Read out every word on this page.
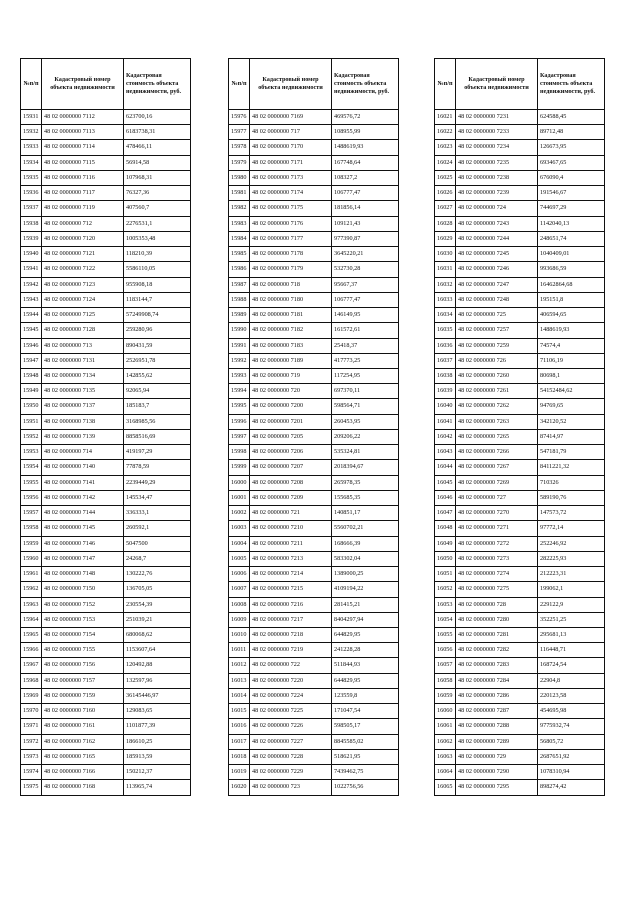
№п/п	Кадастровый номер объекта недвижимости	Кадастровая стоимость объекта недвижимости, руб.
15931	48 02 0000000 7112	623700,16
15932	48 02 0000000 7113	6183738,31
15933	48 02 0000000 7114	478466,11
15934	48 02 0000000 7115	56914,58
15935	48 02 0000000 7116	107968,31
15936	48 02 0000000 7117	76327,36
15937	48 02 0000000 7119	407560,7
15938	48 02 0000000 712	2276531,1
15939	48 02 0000000 7120	1005353,48
15940	48 02 0000000 7121	118210,39
15941	48 02 0000000 7122	5586110,05
15942	48 02 0000000 7123	955908,18
15943	48 02 0000000 7124	1183144,7
15944	48 02 0000000 7125	57249908,74
15945	48 02 0000000 7128	259280,96
15946	48 02 0000000 713	890431,59
15947	48 02 0000000 7131	2526951,78
15948	48 02 0000000 7134	142855,62
15949	48 02 0000000 7135	92065,94
15950	48 02 0000000 7137	185183,7
15951	48 02 0000000 7138	3168985,56
15952	48 02 0000000 7139	8858516,69
15953	48 02 0000000 714	419197,29
15954	48 02 0000000 7140	77878,59
15955	48 02 0000000 7141	2239449,29
15956	48 02 0000000 7142	145534,47
15957	48 02 0000000 7144	336333,1
15958	48 02 0000000 7145	260592,1
15959	48 02 0000000 7146	5047500
15960	48 02 0000000 7147	24268,7
15961	48 02 0000000 7148	130222,76
15962	48 02 0000000 7150	136705,05
15963	48 02 0000000 7152	230554,39
15964	48 02 0000000 7153	251039,21
15965	48 02 0000000 7154	680068,62
15966	48 02 0000000 7155	1153607,64
15967	48 02 0000000 7156	120492,88
15968	48 02 0000000 7157	132597,96
15969	48 02 0000000 7159	36145446,97
15970	48 02 0000000 7160	129083,65
15971	48 02 0000000 7161	1101877,39
15972	48 02 0000000 7162	186610,25
15973	48 02 0000000 7165	185913,59
15974	48 02 0000000 7166	150212,37
15975	48 02 0000000 7168	113965,74
№п/п	Кадастровый номер объекта недвижимости	Кадастровая стоимость объекта недвижимости, руб.
15976	48 02 0000000 7169	469576,72
15977	48 02 0000000 717	108955,99
15978	48 02 0000000 7170	1488619,93
15979	48 02 0000000 7171	167748,64
15980	48 02 0000000 7173	108327,2
15981	48 02 0000000 7174	106777,47
15982	48 02 0000000 7175	181856,14
15983	48 02 0000000 7176	109121,43
15984	48 02 0000000 7177	977390,87
15985	48 02 0000000 7178	3645220,21
15986	48 02 0000000 7179	532730,28
15987	48 02 0000000 718	95667,37
15988	48 02 0000000 7180	106777,47
15989	48 02 0000000 7181	146149,95
15990	48 02 0000000 7182	161572,61
15991	48 02 0000000 7183	25418,37
15992	48 02 0000000 7189	417773,25
15993	48 02 0000000 719	117254,95
15994	48 02 0000000 720	697370,11
15995	48 02 0000000 7200	598564,71
15996	48 02 0000000 7201	260453,95
15997	48 02 0000000 7205	209206,22
15998	48 02 0000000 7206	535324,81
15999	48 02 0000000 7207	2018394,67
16000	48 02 0000000 7208	265978,35
16001	48 02 0000000 7209	155685,35
16002	48 02 0000000 721	140851,17
16003	48 02 0000000 7210	5560702,21
16004	48 02 0000000 7211	168666,39
16005	48 02 0000000 7213	583302,04
16006	48 02 0000000 7214	1389000,25
16007	48 02 0000000 7215	4109194,22
16008	48 02 0000000 7216	281415,21
16009	48 02 0000000 7217	8404297,94
16010	48 02 0000000 7218	644829,95
16011	48 02 0000000 7219	241228,28
16012	48 02 0000000 722	511844,93
16013	48 02 0000000 7220	644829,95
16014	48 02 0000000 7224	123559,8
16015	48 02 0000000 7225	171047,54
16016	48 02 0000000 7226	598505,17
16017	48 02 0000000 7227	8845585,02
16018	48 02 0000000 7228	518621,95
16019	48 02 0000000 7229	7439462,75
16020	48 02 0000000 723	1022756,56
№п/п	Кадастровый номер объекта недвижимости	Кадастровая стоимость объекта недвижимости, руб.
16021	48 02 0000000 7231	624588,45
16022	48 02 0000000 7233	89712,48
16023	48 02 0000000 7234	126673,95
16024	48 02 0000000 7235	693467,65
16025	48 02 0000000 7238	676090,4
16026	48 02 0000000 7239	191546,67
16027	48 02 0000000 724	744697,29
16028	48 02 0000000 7243	1142040,13
16029	48 02 0000000 7244	248651,74
16030	48 02 0000000 7245	1040409,01
16031	48 02 0000000 7246	993686,59
16032	48 02 0000000 7247	16462864,68
16033	48 02 0000000 7248	195151,8
16034	48 02 0000000 725	406594,65
16035	48 02 0000000 7257	1488619,93
16036	48 02 0000000 7259	74574,4
16037	48 02 0000000 726	71106,19
16038	48 02 0000000 7260	80698,1
16039	48 02 0000000 7261	54152484,62
16040	48 02 0000000 7262	94769,65
16041	48 02 0000000 7263	342120,52
16042	48 02 0000000 7265	87414,97
16043	48 02 0000000 7266	547181,79
16044	48 02 0000000 7267	8411221,32
16045	48 02 0000000 7269	710326
16046	48 02 0000000 727	589190,76
16047	48 02 0000000 7270	147573,72
16048	48 02 0000000 7271	97772,14
16049	48 02 0000000 7272	252246,92
16050	48 02 0000000 7273	282225,93
16051	48 02 0000000 7274	212223,31
16052	48 02 0000000 7275	199062,1
16053	48 02 0000000 728	229122,9
16054	48 02 0000000 7280	352251,25
16055	48 02 0000000 7281	295681,13
16056	48 02 0000000 7282	116448,71
16057	48 02 0000000 7283	168724,54
16058	48 02 0000000 7284	22904,8
16059	48 02 0000000 7286	220123,58
16060	48 02 0000000 7287	454695,98
16061	48 02 0000000 7288	9775932,74
16062	48 02 0000000 7289	56805,72
16063	48 02 0000000 729	2687651,92
16064	48 02 0000000 7290	1078310,94
16065	48 02 0000000 7295	898274,42
